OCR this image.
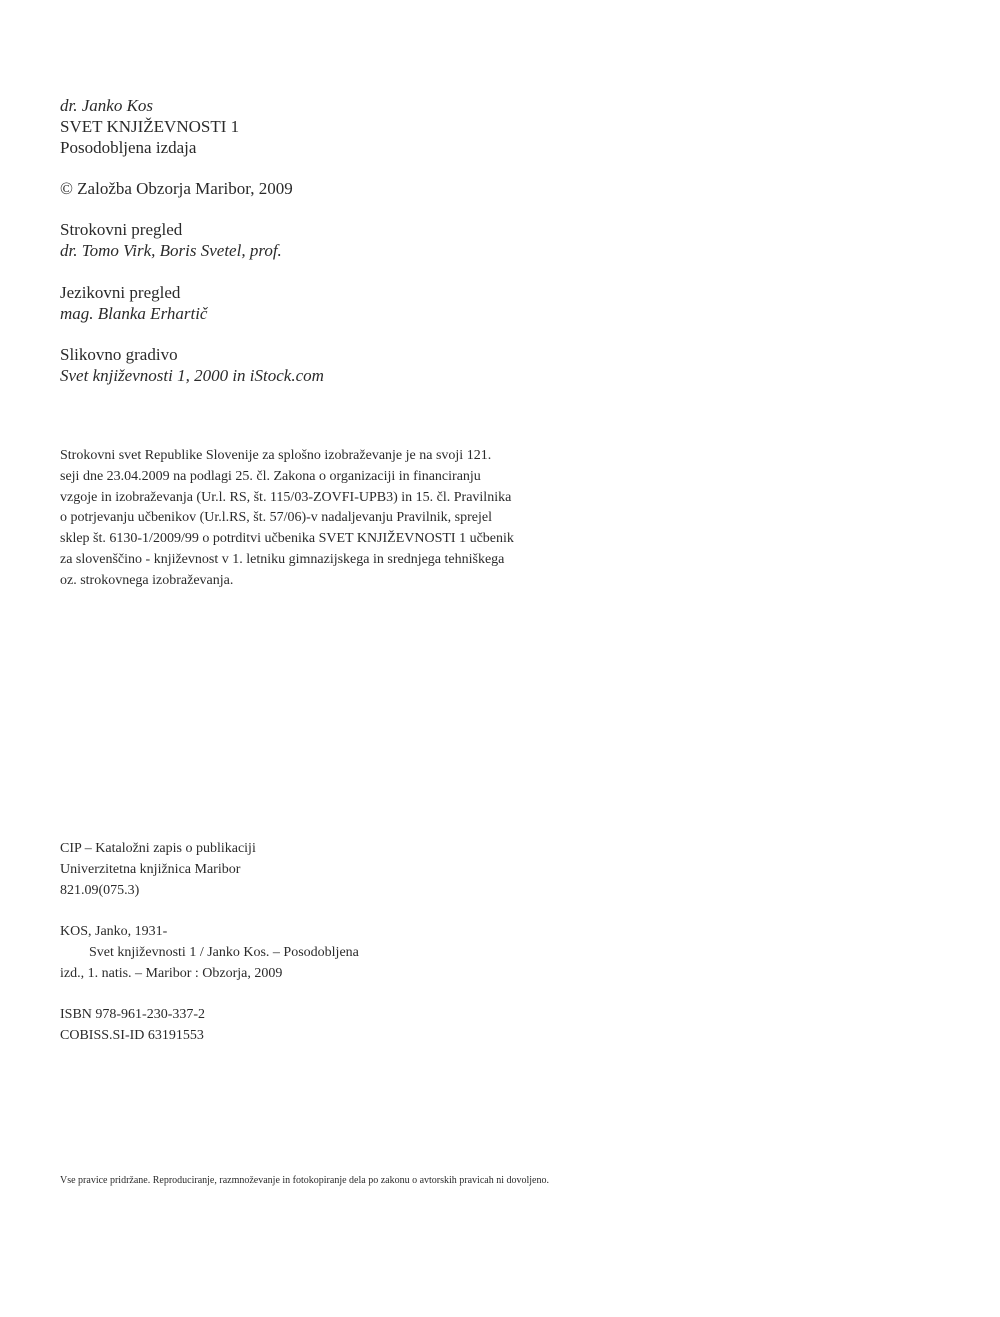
dr. Janko Kos
SVET KNJIŽEVNOSTI 1
Posodobljena izdaja
© Založba Obzorja Maribor, 2009
Strokovni pregled
dr. Tomo Virk, Boris Svetel, prof.
Jezikovni pregled
mag. Blanka Erhartič
Slikovno gradivo
Svet književnosti 1, 2000 in iStock.com
Strokovni svet Republike Slovenije za splošno izobraževanje je na svoji 121.
seji dne 23.04.2009 na podlagi 25. čl. Zakona o organizaciji in financiranju
vzgoje in izobraževanja (Ur.l. RS, št. 115/03-ZOVFI-UPB3) in 15. čl. Pravilnika
o potrjevanju učbenikov (Ur.l.RS, št. 57/06)-v nadaljevanju Pravilnik, sprejel
sklep št. 6130-1/2009/99 o potrditvi učbenika SVET KNJIŽEVNOSTI 1 učbenik
za slovenščino - književnost v 1. letniku gimnazijskega in srednjega tehniškega
oz. strokovnega izobraževanja.
CIP – Kataložni zapis o publikaciji
Univerzitetna knjižnica Maribor
821.09(075.3)
KOS, Janko, 1931-
Svet književnosti 1 / Janko Kos. – Posodobljena
izd., 1. natis. – Maribor : Obzorja, 2009
ISBN 978-961-230-337-2
COBISS.SI-ID 63191553
Vse pravice pridržane. Reproduciranje, razmnoževanje in fotokopiranje dela po zakonu o avtorskih pravicah ni dovoljeno.
